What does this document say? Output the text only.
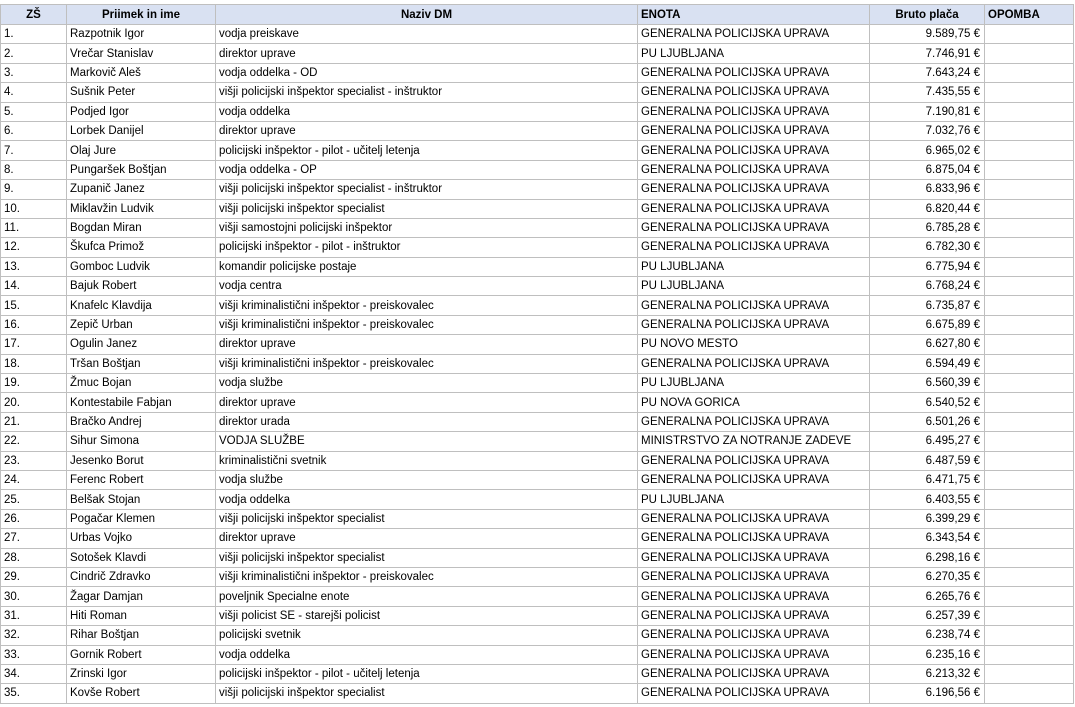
ZŠ	Priimek in ime	Naziv DM	ENOTA	Bruto plača	OPOMBA
1.	Razpotnik Igor	vodja preiskave	GENERALNA POLICIJSKA UPRAVA	9.589,75 €	
2.	Vrečar Stanislav	direktor uprave	PU LJUBLJANA	7.746,91 €	
3.	Markovič Aleš	vodja oddelka - OD	GENERALNA POLICIJSKA UPRAVA	7.643,24 €	
4.	Sušnik Peter	višji policijski inšpektor specialist - inštruktor	GENERALNA POLICIJSKA UPRAVA	7.435,55 €	
5.	Podjed Igor	vodja oddelka	GENERALNA POLICIJSKA UPRAVA	7.190,81 €	
6.	Lorbek Danijel	direktor uprave	GENERALNA POLICIJSKA UPRAVA	7.032,76 €	
7.	Olaj Jure	policijski inšpektor - pilot - učitelj letenja	GENERALNA POLICIJSKA UPRAVA	6.965,02 €	
8.	Pungaršek Boštjan	vodja oddelka - OP	GENERALNA POLICIJSKA UPRAVA	6.875,04 €	
9.	Zupanič Janez	višji policijski inšpektor specialist - inštruktor	GENERALNA POLICIJSKA UPRAVA	6.833,96 €	
10.	Miklavžin Ludvik	višji policijski inšpektor specialist	GENERALNA POLICIJSKA UPRAVA	6.820,44 €	
11.	Bogdan Miran	višji samostojni policijski inšpektor	GENERALNA POLICIJSKA UPRAVA	6.785,28 €	
12.	Škufca Primož	policijski inšpektor - pilot - inštruktor	GENERALNA POLICIJSKA UPRAVA	6.782,30 €	
13.	Gomboc Ludvik	komandir policijske postaje	PU LJUBLJANA	6.775,94 €	
14.	Bajuk Robert	vodja centra	PU LJUBLJANA	6.768,24 €	
15.	Knafelc Klavdija	višji kriminalistični inšpektor - preiskovalec	GENERALNA POLICIJSKA UPRAVA	6.735,87 €	
16.	Zepič Urban	višji kriminalistični inšpektor - preiskovalec	GENERALNA POLICIJSKA UPRAVA	6.675,89 €	
17.	Ogulin Janez	direktor uprave	PU NOVO MESTO	6.627,80 €	
18.	Tršan Boštjan	višji kriminalistični inšpektor - preiskovalec	GENERALNA POLICIJSKA UPRAVA	6.594,49 €	
19.	Žmuc Bojan	vodja službe	PU LJUBLJANA	6.560,39 €	
20.	Kontestabile Fabjan	direktor uprave	PU NOVA GORICA	6.540,52 €	
21.	Bračko Andrej	direktor urada	GENERALNA POLICIJSKA UPRAVA	6.501,26 €	
22.	Sihur Simona	VODJA SLUŽBE	MINISTRSTVO ZA NOTRANJE ZADEVE	6.495,27 €	
23.	Jesenko Borut	kriminalistični svetnik	GENERALNA POLICIJSKA UPRAVA	6.487,59 €	
24.	Ferenc Robert	vodja službe	GENERALNA POLICIJSKA UPRAVA	6.471,75 €	
25.	Belšak Stojan	vodja oddelka	PU LJUBLJANA	6.403,55 €	
26.	Pogačar Klemen	višji policijski inšpektor specialist	GENERALNA POLICIJSKA UPRAVA	6.399,29 €	
27.	Urbas Vojko	direktor uprave	GENERALNA POLICIJSKA UPRAVA	6.343,54 €	
28.	Sotošek Klavdi	višji policijski inšpektor specialist	GENERALNA POLICIJSKA UPRAVA	6.298,16 €	
29.	Cindrič Zdravko	višji kriminalistični inšpektor - preiskovalec	GENERALNA POLICIJSKA UPRAVA	6.270,35 €	
30.	Žagar Damjan	poveljnik Specialne enote	GENERALNA POLICIJSKA UPRAVA	6.265,76 €	
31.	Hiti Roman	višji policist SE - starejši policist	GENERALNA POLICIJSKA UPRAVA	6.257,39 €	
32.	Rihar Boštjan	policijski svetnik	GENERALNA POLICIJSKA UPRAVA	6.238,74 €	
33.	Gornik Robert	vodja oddelka	GENERALNA POLICIJSKA UPRAVA	6.235,16 €	
34.	Zrinski Igor	policijski inšpektor - pilot - učitelj letenja	GENERALNA POLICIJSKA UPRAVA	6.213,32 €	
35.	Kovše Robert	višji policijski inšpektor specialist	GENERALNA POLICIJSKA UPRAVA	6.196,56 €	
